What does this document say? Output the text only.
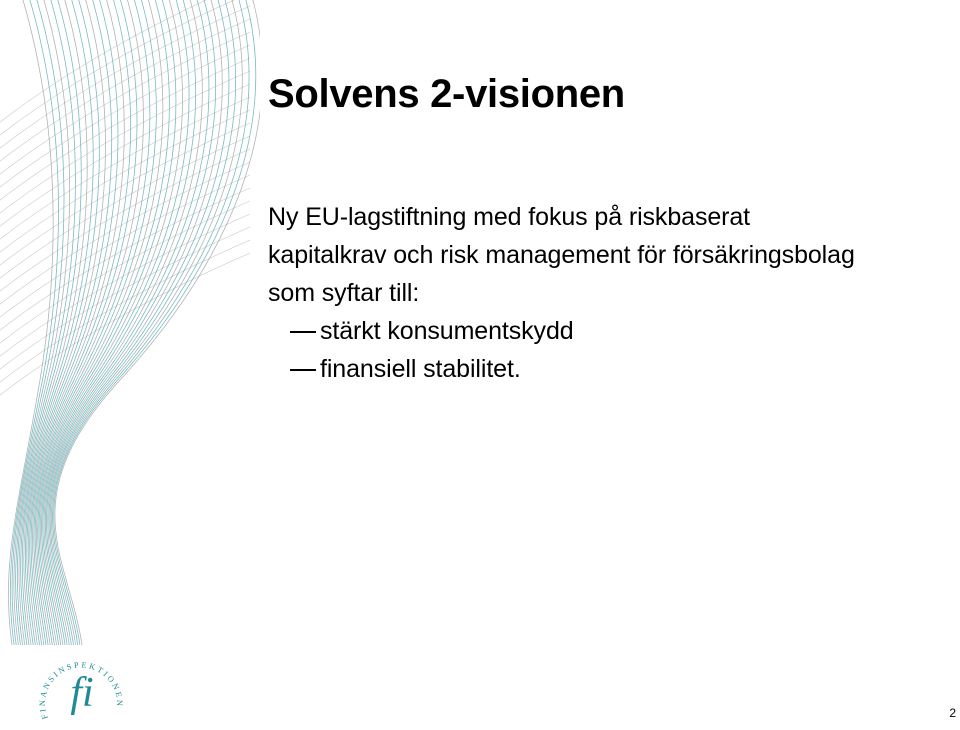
Solvens 2-visionen
Ny EU-lagstiftning med fokus på riskbaserat
kapitalkrav och risk management för försäkringsbolag
som syftar till:
stärkt konsumentskydd
finansiell stabilitet.
FINANSINSPEKTIONEN
fi	2
